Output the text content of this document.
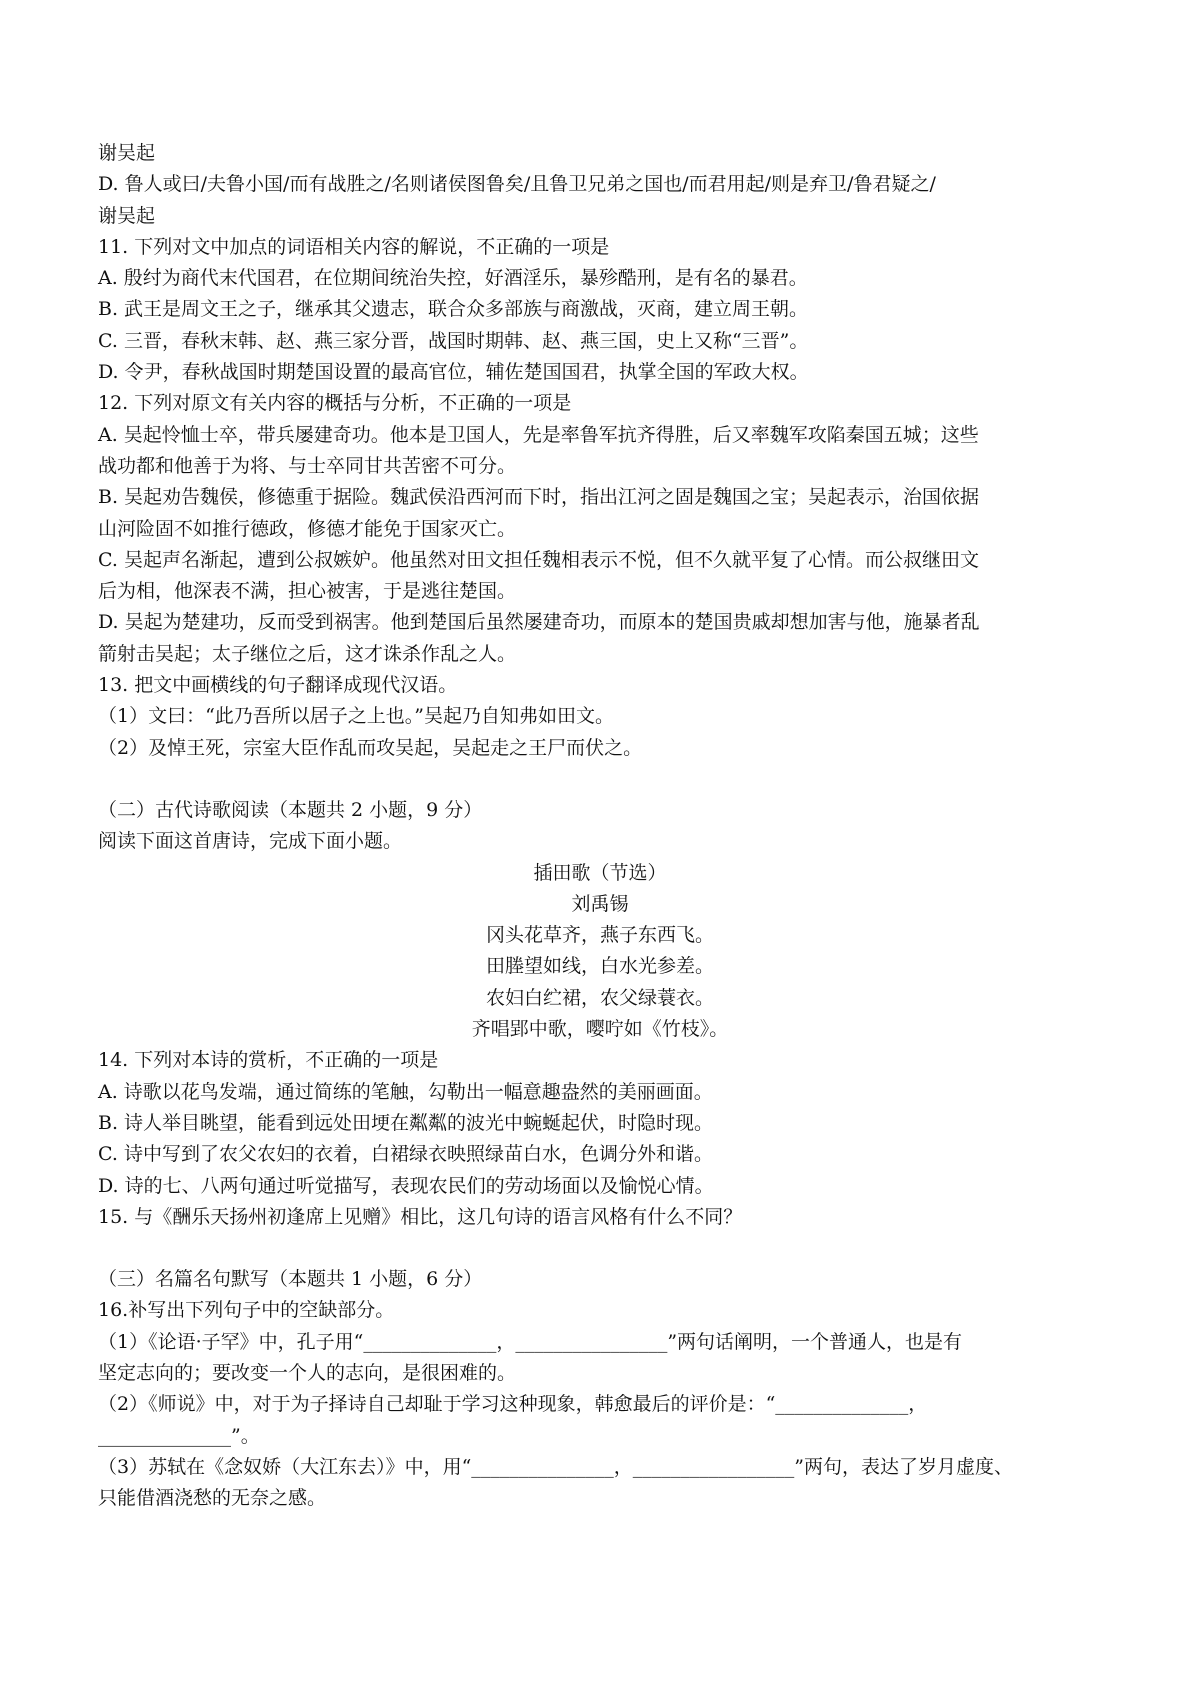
谢吴起
D. 鲁人或曰/夫鲁小国/而有战胜之/名则诸侯图鲁矣/且鲁卫兄弟之国也/而君用起/则是弃卫/鲁君疑之/
谢吴起
11. 下列对文中加点的词语相关内容的解说，不正确的一项是
A. 殷纣为商代末代国君，在位期间统治失控，好酒淫乐，暴殄酷刑，是有名的暴君。
B. 武王是周文王之子，继承其父遗志，联合众多部族与商激战，灭商，建立周王朝。
C. 三晋，春秋末韩、赵、燕三家分晋，战国时期韩、赵、燕三国，史上又称“三晋”。
D. 令尹，春秋战国时期楚国设置的最高官位，辅佐楚国国君，执掌全国的军政大权。
12. 下列对原文有关内容的概括与分析，不正确的一项是
A. 吴起怜恤士卒，带兵屡建奇功。他本是卫国人，先是率鲁军抗齐得胜，后又率魏军攻陷秦国五城；这些
战功都和他善于为将、与士卒同甘共苦密不可分。
B. 吴起劝告魏侯，修德重于据险。魏武侯沿西河而下时，指出江河之固是魏国之宝；吴起表示，治国依据
山河险固不如推行德政，修德才能免于国家灭亡。
C. 吴起声名渐起，遭到公叔嫉妒。他虽然对田文担任魏相表示不悦，但不久就平复了心情。而公叔继田文
后为相，他深表不满，担心被害，于是逃往楚国。
D. 吴起为楚建功，反而受到祸害。他到楚国后虽然屡建奇功，而原本的楚国贵戚却想加害与他，施暴者乱
箭射击吴起；太子继位之后，这才诛杀作乱之人。
13. 把文中画横线的句子翻译成现代汉语。
（1）文曰：“此乃吾所以居子之上也。”吴起乃自知弗如田文。
（2）及悼王死，宗室大臣作乱而攻吴起，吴起走之王尸而伏之。
（二）古代诗歌阅读（本题共 2 小题，9 分）
阅读下面这首唐诗，完成下面小题。
插田歌（节选）
刘禹锡
冈头花草齐，燕子东西飞。
田塍望如线，白水光参差。
农妇白纻裙，农父绿蓑衣。
齐唱郢中歌，嘤咛如《竹枝》。
14. 下列对本诗的赏析，不正确的一项是
A. 诗歌以花鸟发端，通过简练的笔触，勾勒出一幅意趣盎然的美丽画面。
B. 诗人举目眺望，能看到远处田埂在粼粼的波光中蜿蜒起伏，时隐时现。
C. 诗中写到了农父农妇的衣着，白裙绿衣映照绿苗白水，色调分外和谐。
D. 诗的七、八两句通过听觉描写，表现农民们的劳动场面以及愉悦心情。
15. 与《酬乐天扬州初逢席上见赠》相比，这几句诗的语言风格有什么不同？
（三）名篇名句默写（本题共 1 小题，6 分）
16.补写出下列句子中的空缺部分。
（1）《论语·子罕》中，孔子用“______________，________________”两句话阐明，一个普通人，也是有
坚定志向的；要改变一个人的志向，是很困难的。
（2）《师说》中，对于为子择诗自己却耻于学习这种现象，韩愈最后的评价是：“______________，
______________”。
（3）苏轼在《念奴娇（大江东去）》中，用“_______________，_________________”两句，表达了岁月虚度、
只能借酒浇愁的无奈之感。
